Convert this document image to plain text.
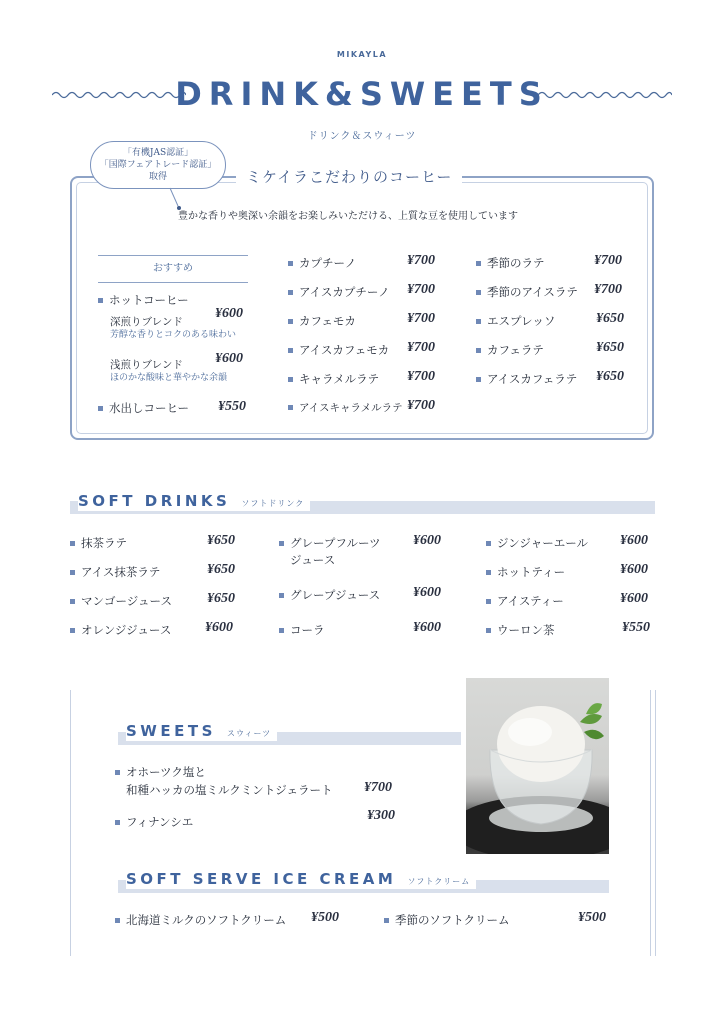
MIKAYLA
DRINK&SWEETS
ドリンク＆スウィーツ
「有機JAS認証」
「国際フェアトレード認証」
取得	ミケイラこだわりのコーヒー
豊かな香りや奥深い余韻をお楽しみいただける、上質な豆を使用しています
おすすめ
ホットコーヒー
深煎りブレンド
¥600
芳醇な香りとコクのある味わい
浅煎りブレンド ¥600
ほのかな酸味と華やかな余韻
水出しコーヒー ¥550
カプチーノ	¥700
アイスカプチーノ ¥700
カフェモカ	¥700
アイスカフェモカ ¥700
キャラメルラテ ¥700
アイスキャラメルラテ ¥700
季節のラテ	¥700
季節のアイスラテ ¥700
エスプレッソ	¥650
カフェラテ	¥650
アイスカフェラテ ¥650
SOFT DRINKS ソフトドリンク
抹茶ラテ	¥650
アイス抹茶ラテ	¥650
マンゴージュース	¥650
オレンジジュース ¥600
グレープフルーツ
ジュース
¥600
グレープジュース ¥600
コーラ	¥600
ジンジャーエール ¥600
ホットティー	¥600
アイスティー	¥600
ウーロン茶	¥550
SWEETS スウィーツ
オホーツク塩と
和種ハッカの塩ミルクミントジェラート ¥700
フィナンシエ	¥300
SOFT SERVE ICE CREAM ソフトクリーム
北海道ミルクのソフトクリーム ¥500	季節のソフトクリーム	¥500
